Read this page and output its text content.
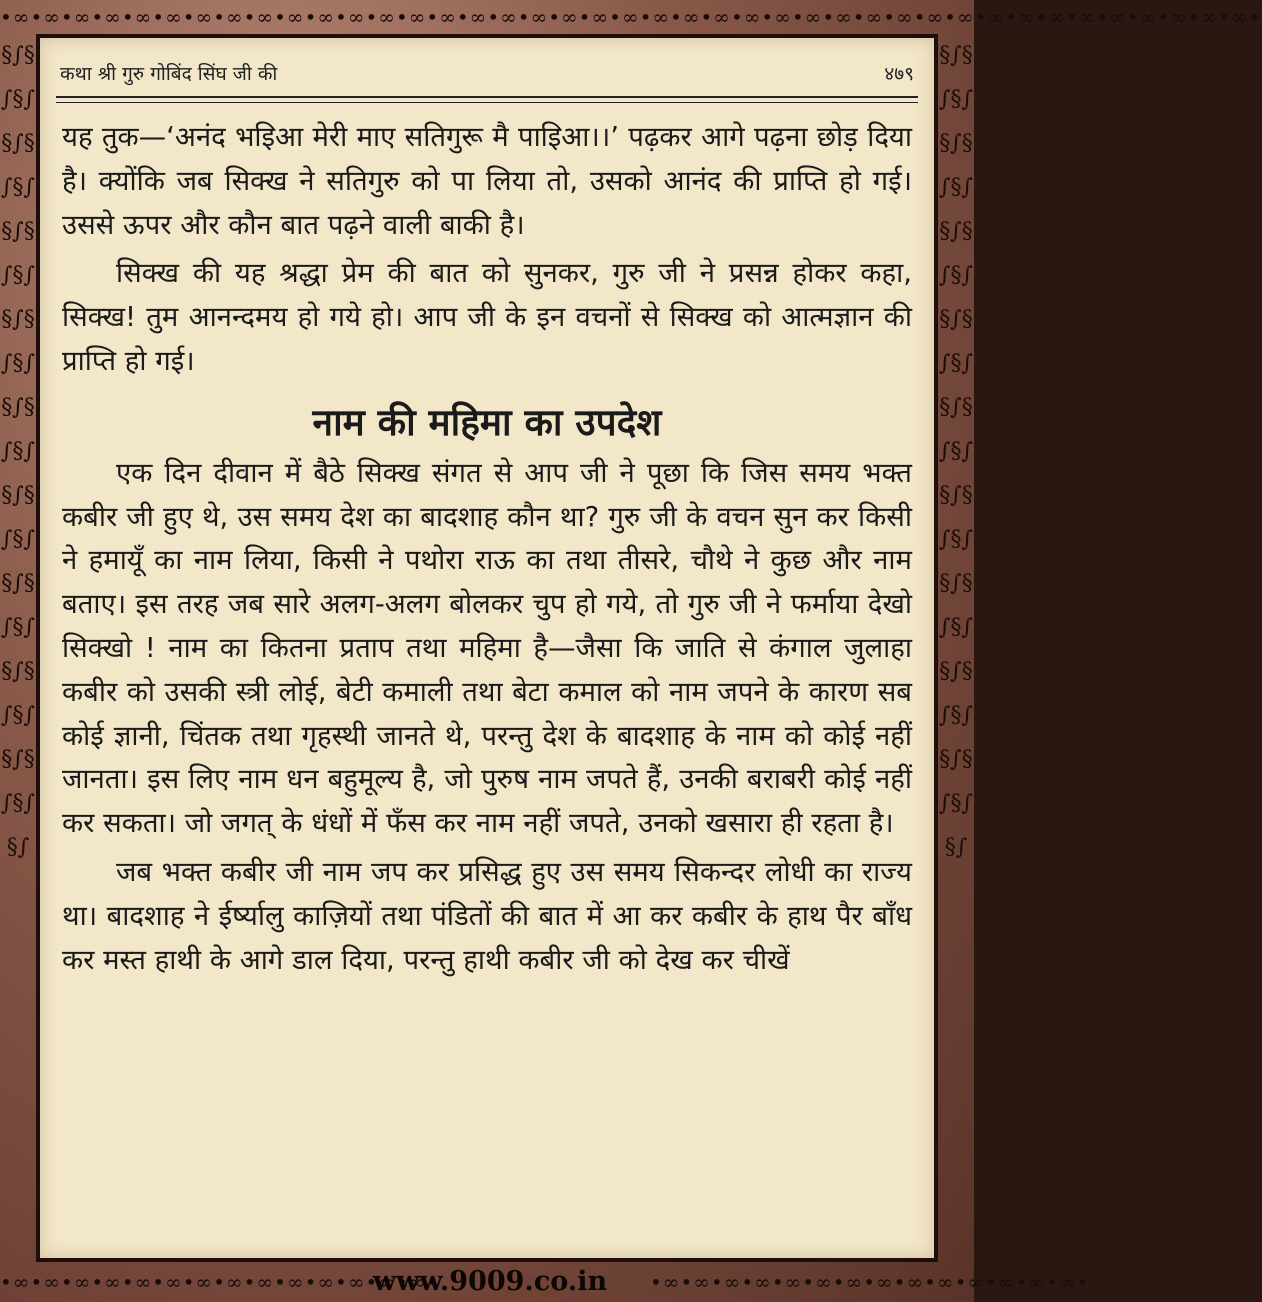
•∞•∞•∞•∞•∞•∞•∞•∞•∞•∞•∞•∞•∞•∞•∞•∞•∞•∞•∞•∞•∞•∞•∞•∞•∞•∞•∞•∞•∞•∞•∞•∞•∞•∞•∞•∞•∞•∞•∞•∞•∞•
§∫§∫§∫§∫§∫§∫§∫§∫§∫§∫§∫§∫§∫§∫§∫§∫§∫§∫§∫§∫§∫§∫§∫§∫§∫§∫§∫§∫
§∫§∫§∫§∫§∫§∫§∫§∫§∫§∫§∫§∫§∫§∫§∫§∫§∫§∫§∫§∫§∫§∫§∫§∫§∫§∫§∫§∫
•∞•∞•∞•∞•∞•∞•∞•∞•∞•∞•∞•∞•∞•∞•	•∞•∞•∞•∞•∞•∞•∞•∞•∞•∞•∞•∞•∞•∞•
www.9009.co.in
कथा श्री गुरु गोबिंद सिंघ जी की	४७९

यह तुक—‘अनंद भइिआ मेरी माए सतिगुरू मै पाइिआ।।’ पढ़कर आगे पढ़ना छोड़ दिया है। क्योंकि जब सिक्ख ने सतिगुरु को पा लिया तो, उसको आनंद की प्राप्ति हो गई। उससे ऊपर और कौन बात पढ़ने वाली बाकी है।

सिक्ख की यह श्रद्धा प्रेम की बात को सुनकर, गुरु जी ने प्रसन्न होकर कहा, सिक्ख! तुम आनन्दमय हो गये हो। आप जी के इन वचनों से सिक्ख को आत्मज्ञान की प्राप्ति हो गई।

नाम की महिमा का उपदेश

एक दिन दीवान में बैठे सिक्ख संगत से आप जी ने पूछा कि जिस समय भक्त कबीर जी हुए थे, उस समय देश का बादशाह कौन था? गुरु जी के वचन सुन कर किसी ने हमायूँ का नाम लिया, किसी ने पथोरा राऊ का तथा तीसरे, चौथे ने कुछ और नाम बताए। इस तरह जब सारे अलग-अलग बोलकर चुप हो गये, तो गुरु जी ने फर्माया देखो सिक्खो ! नाम का कितना प्रताप तथा महिमा है—जैसा कि जाति से कंगाल जुलाहा कबीर को उसकी स्त्री लोई, बेटी कमाली तथा बेटा कमाल को नाम जपने के कारण सब कोई ज्ञानी, चिंतक तथा गृहस्थी जानते थे, परन्तु देश के बादशाह के नाम को कोई नहीं जानता। इस लिए नाम धन बहुमूल्य है, जो पुरुष नाम जपते हैं, उनकी बराबरी कोई नहीं कर सकता। जो जगत् के धंधों में फँस कर नाम नहीं जपते, उनको खसारा ही रहता है।

जब भक्त कबीर जी नाम जप कर प्रसिद्ध हुए उस समय सिकन्दर लोधी का राज्य था। बादशाह ने ईर्ष्यालु काज़ियों तथा पंडितों की बात में आ कर कबीर के हाथ पैर बाँध कर मस्त हाथी के आगे डाल दिया, परन्तु हाथी कबीर जी को देख कर चीखें
